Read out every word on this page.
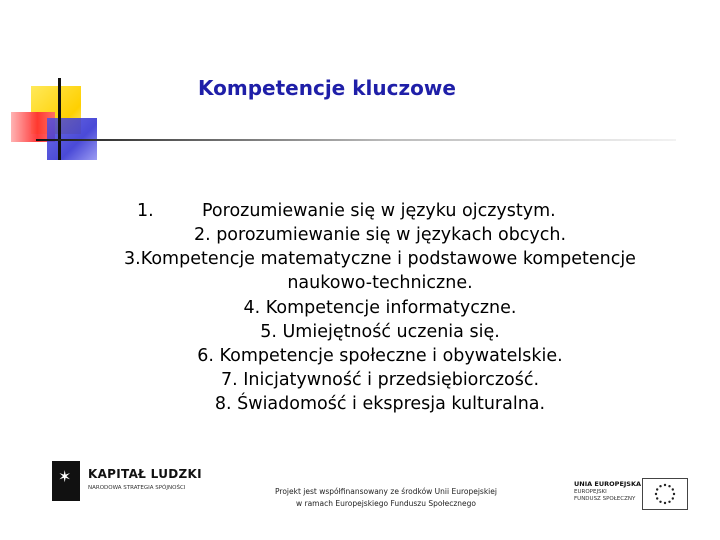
Kompetencje kluczowe
1.	Porozumiewanie się w języku ojczystym.
2. porozumiewanie się w językach obcych.
3.Kompetencje matematyczne i podstawowe kompetencje
naukowo-techniczne.
4. Kompetencje informatyczne.
5. Umiejętność uczenia się.
6. Kompetencje społeczne i obywatelskie.
7. Inicjatywność i przedsiębiorczość.
8. Świadomość i ekspresja kulturalna.
✶ KAPITAŁ LUDZKI
NARODOWA STRATEGIA SPÓJNOŚCI	Projekt jest współfinansowany ze środków Unii Europejskiej
w ramach Europejskiego Funduszu Społecznego
UNIA EUROPEJSKA
EUROPEJSKI
FUNDUSZ SPOŁECZNY
